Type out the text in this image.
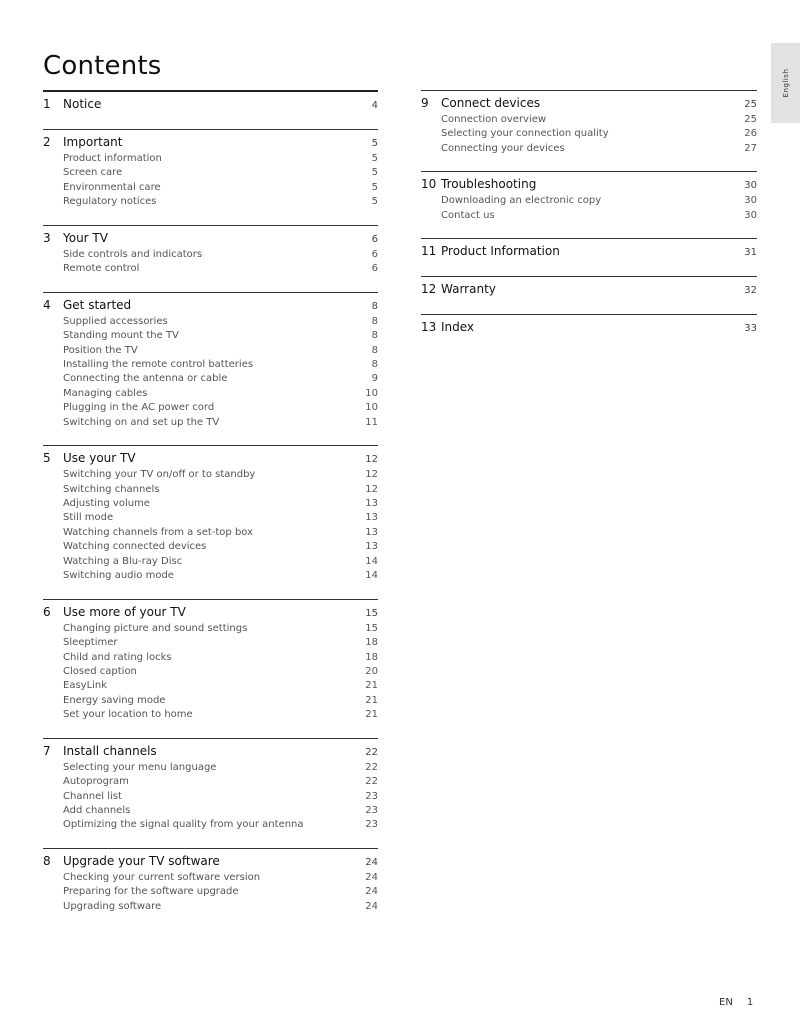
Contents
English
1	Notice	4
2	Important	5
Product information	5
Screen care	5
Environmental care	5
Regulatory notices	5
3	Your TV	6
Side controls and indicators	6
Remote control	6
4	Get started	8
Supplied accessories	8
Standing mount the TV	8
Position the TV	8
Installing the remote control batteries	8
Connecting the antenna or cable	9
Managing cables	10
Plugging in the AC power cord	10
Switching on and set up the TV	11
5	Use your TV	12
Switching your TV on/off or to standby	12
Switching channels	12
Adjusting volume	13
Still mode	13
Watching channels from a set-top box	13
Watching connected devices	13
Watching a Blu-ray Disc	14
Switching audio mode	14
6	Use more of your TV	15
Changing picture and sound settings	15
Sleeptimer	18
Child and rating locks	18
Closed caption	20
EasyLink	21
Energy saving mode	21
Set your location to home	21
7	Install channels	22
Selecting your menu language	22
Autoprogram	22
Channel list	23
Add channels	23
Optimizing the signal quality from your antenna	23
8	Upgrade your TV software	24
Checking your current software version	24
Preparing for the software upgrade	24
Upgrading software	24
9	Connect devices	25
Connection overview	25
Selecting your connection quality	26
Connecting your devices	27
10 Troubleshooting	30
Downloading an electronic copy	30
Contact us	30
11 Product Information	31
12 Warranty	32
13 Index	33
EN 1
